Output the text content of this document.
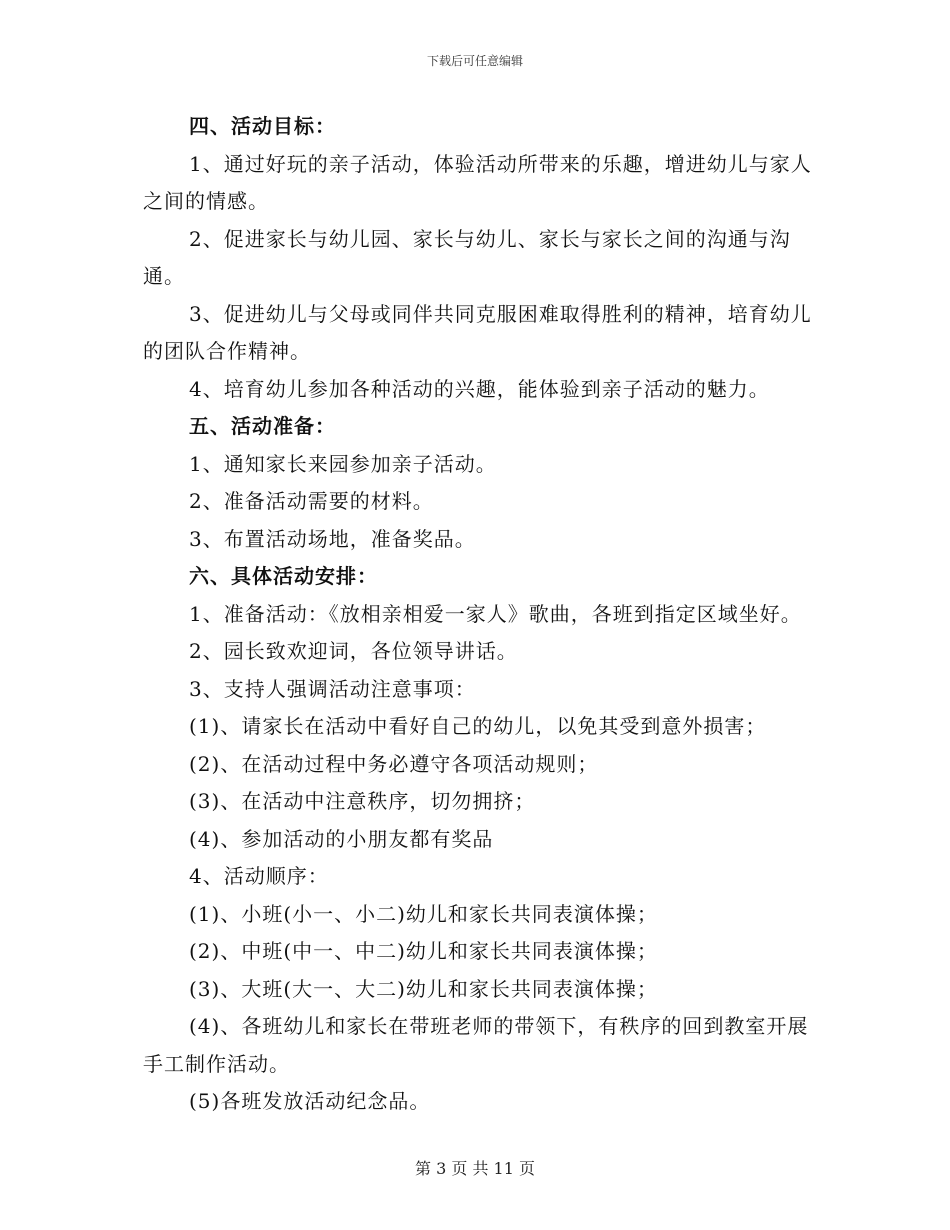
下载后可任意编辑
四、活动目标：
1、通过好玩的亲子活动，体验活动所带来的乐趣，增进幼儿与家人之间的情感。
2、促进家长与幼儿园、家长与幼儿、家长与家长之间的沟通与沟通。
3、促进幼儿与父母或同伴共同克服困难取得胜利的精神，培育幼儿的团队合作精神。
4、培育幼儿参加各种活动的兴趣，能体验到亲子活动的魅力。
五、活动准备：
1、通知家长来园参加亲子活动。
2、准备活动需要的材料。
3、布置活动场地，准备奖品。
六、具体活动安排：
1、准备活动：《放相亲相爱一家人》歌曲，各班到指定区域坐好。
2、园长致欢迎词，各位领导讲话。
3、支持人强调活动注意事项：
(1)、请家长在活动中看好自己的幼儿，以免其受到意外损害；
(2)、在活动过程中务必遵守各项活动规则；
(3)、在活动中注意秩序，切勿拥挤；
(4)、参加活动的小朋友都有奖品
4、活动顺序：
(1)、小班(小一、小二)幼儿和家长共同表演体操；
(2)、中班(中一、中二)幼儿和家长共同表演体操；
(3)、大班(大一、大二)幼儿和家长共同表演体操；
(4)、各班幼儿和家长在带班老师的带领下，有秩序的回到教室开展手工制作活动。
(5)各班发放活动纪念品。
第 3 页 共 11 页
